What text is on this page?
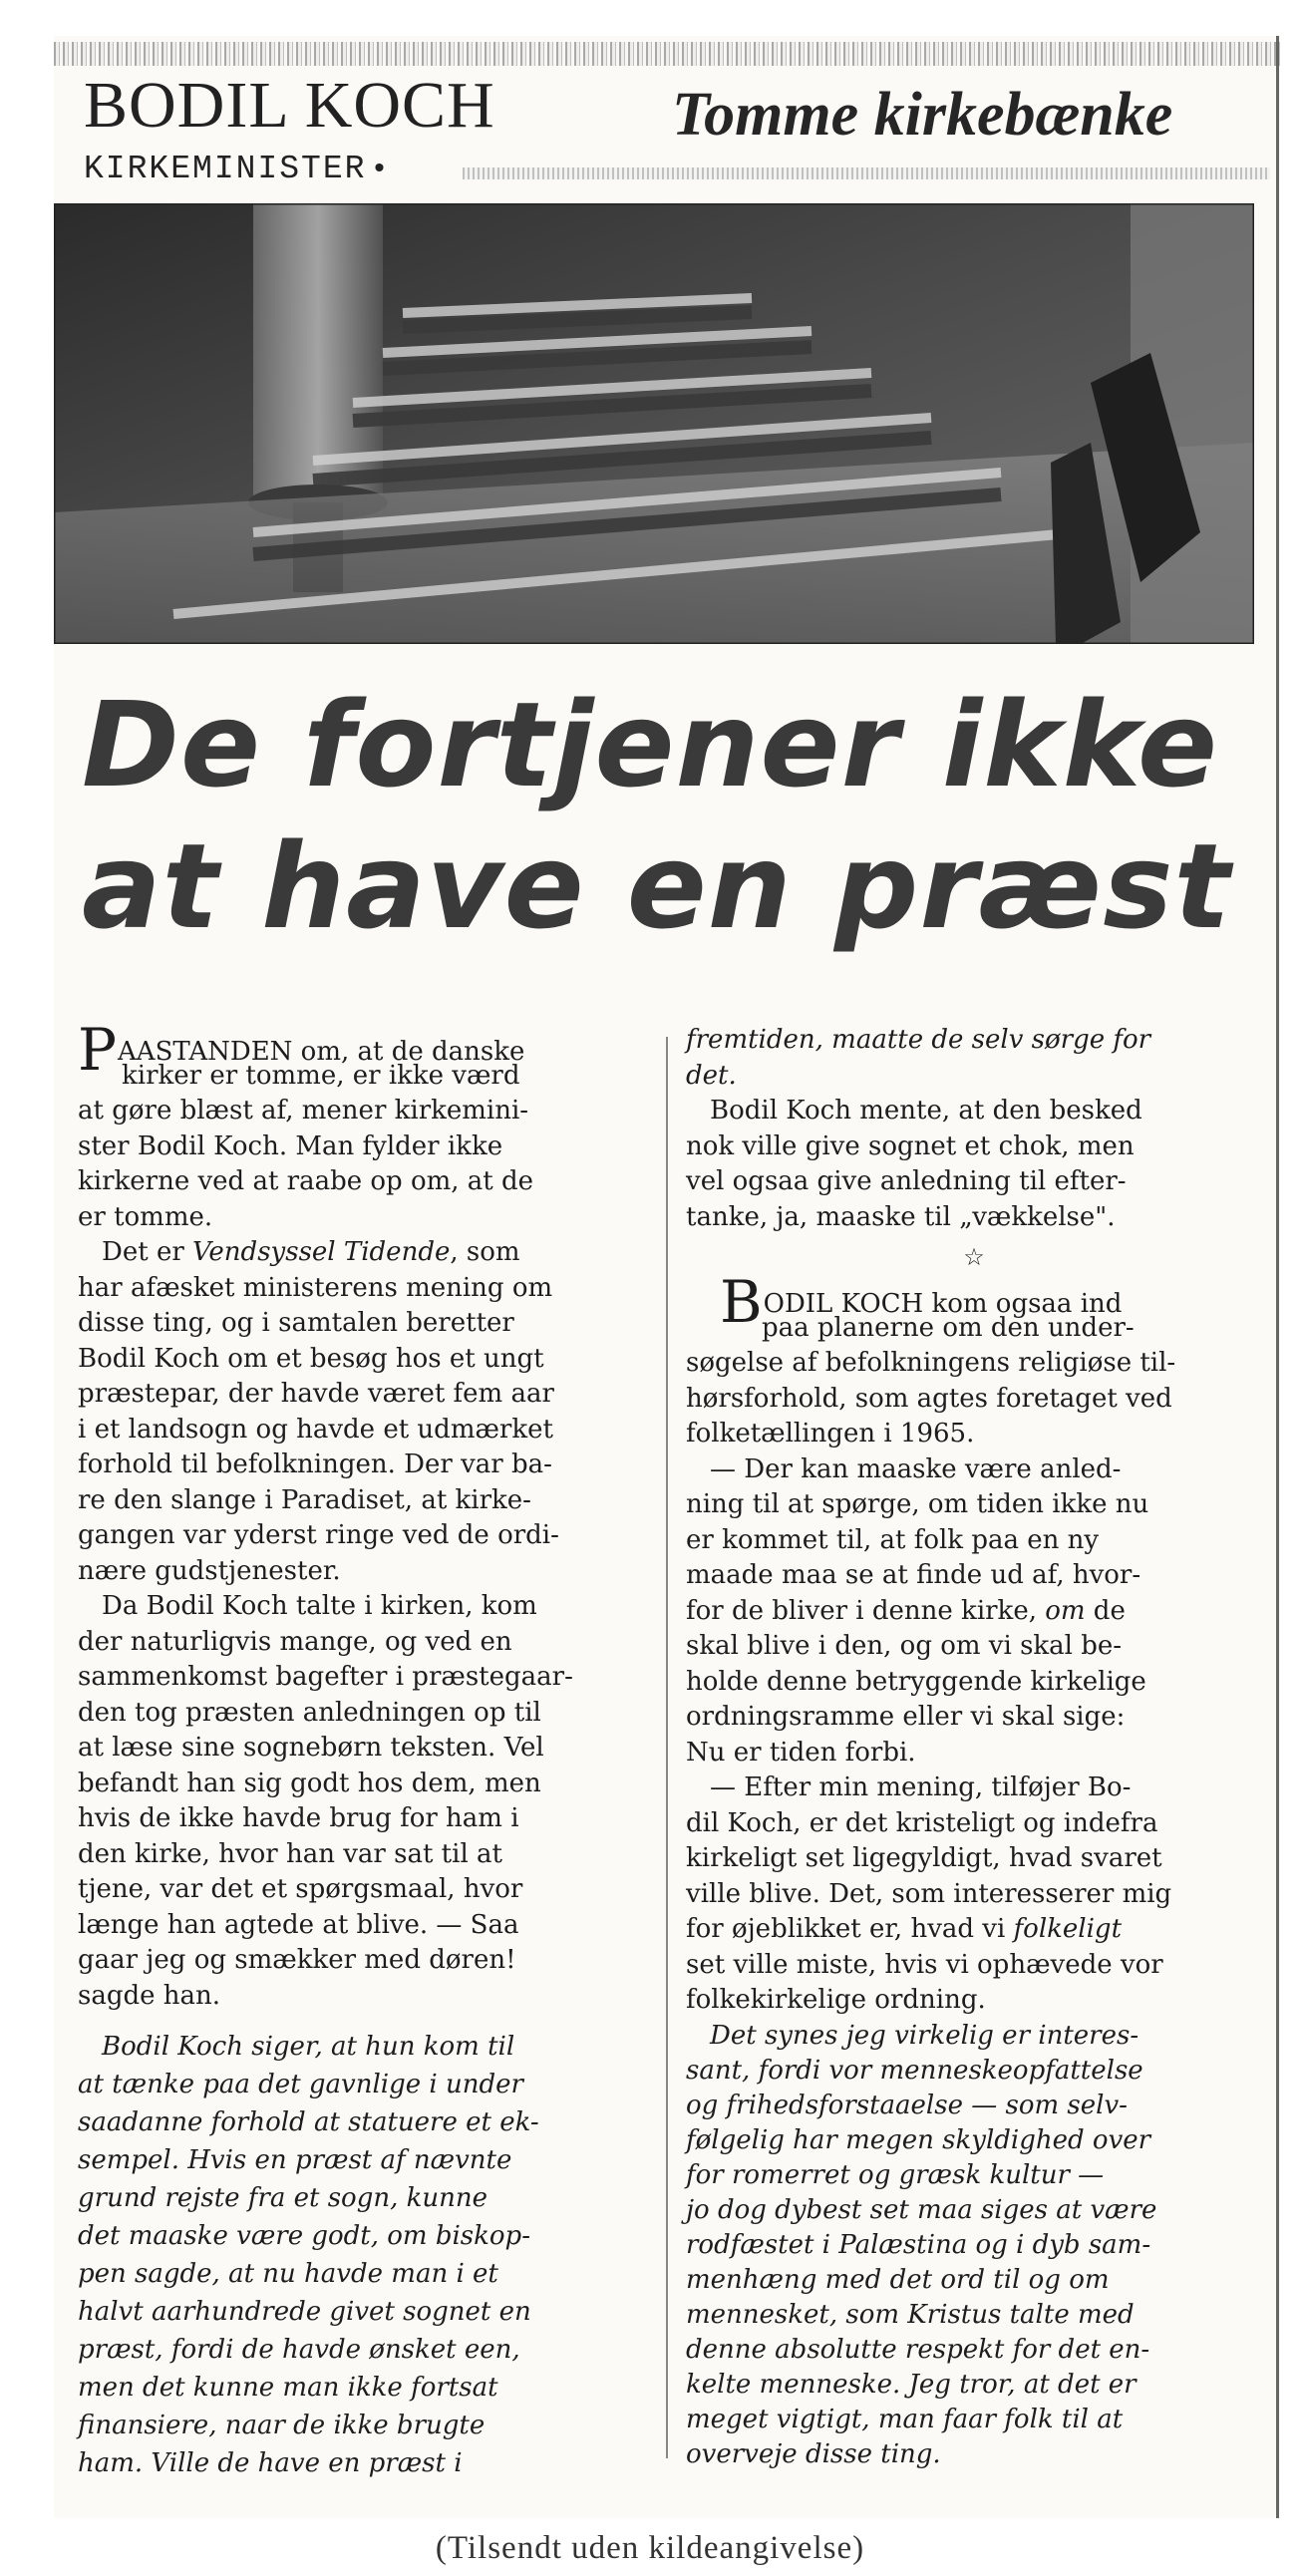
BODIL KOCH	Tomme kirkebænke
KIRKEMINISTER •
De fortjener ikke
at have en præst
PAASTANDEN om, at de danske
kirker er tomme, er ikke værd
at gøre blæst af, mener kirkemini-
ster Bodil Koch. Man fylder ikke
kirkerne ved at raabe op om, at de
er tomme.
Det er Vendsyssel Tidende, som
har afæsket ministerens mening om
disse ting, og i samtalen beretter
Bodil Koch om et besøg hos et ungt
præstepar, der havde været fem aar
i et landsogn og havde et udmærket
forhold til befolkningen. Der var ba-
re den slange i Paradiset, at kirke-
gangen var yderst ringe ved de ordi-
nære gudstjenester.
Da Bodil Koch talte i kirken, kom
der naturligvis mange, og ved en
sammenkomst bagefter i præstegaar-
den tog præsten anledningen op til
at læse sine sognebørn teksten. Vel
befandt han sig godt hos dem, men
hvis de ikke havde brug for ham i
den kirke, hvor han var sat til at
tjene, var det et spørgsmaal, hvor
længe han agtede at blive. — Saa
gaar jeg og smækker med døren!
sagde han.
Bodil Koch siger, at hun kom til
at tænke paa det gavnlige i under
saadanne forhold at statuere et ek-
sempel. Hvis en præst af nævnte
grund rejste fra et sogn, kunne
det maaske være godt, om biskop-
pen sagde, at nu havde man i et
halvt aarhundrede givet sognet en
præst, fordi de havde ønsket een,
men det kunne man ikke fortsat
finansiere, naar de ikke brugte
ham. Ville de have en præst i
fremtiden, maatte de selv sørge for
det.
Bodil Koch mente, at den besked
nok ville give sognet et chok, men
vel ogsaa give anledning til efter-
tanke, ja, maaske til „vækkelse".
☆
BODIL KOCH kom ogsaa ind
paa planerne om den under-
søgelse af befolkningens religiøse til-
hørsforhold, som agtes foretaget ved
folketællingen i 1965.
— Der kan maaske være anled-
ning til at spørge, om tiden ikke nu
er kommet til, at folk paa en ny
maade maa se at finde ud af, hvor-
for de bliver i denne kirke, om de
skal blive i den, og om vi skal be-
holde denne betryggende kirkelige
ordningsramme eller vi skal sige:
Nu er tiden forbi.
— Efter min mening, tilføjer Bo-
dil Koch, er det kristeligt og indefra
kirkeligt set ligegyldigt, hvad svaret
ville blive. Det, som interesserer mig
for øjeblikket er, hvad vi folkeligt
set ville miste, hvis vi ophævede vor
folkekirkelige ordning.
Det synes jeg virkelig er interes-
sant, fordi vor menneskeopfattelse
og frihedsforstaaelse — som selv-
følgelig har megen skyldighed over
for romerret og græsk kultur —
jo dog dybest set maa siges at være
rodfæstet i Palæstina og i dyb sam-
menhæng med det ord til og om
mennesket, som Kristus talte med
denne absolutte respekt for det en-
kelte menneske. Jeg tror, at det er
meget vigtigt, man faar folk til at
overveje disse ting.
(Tilsendt uden kildeangivelse)
